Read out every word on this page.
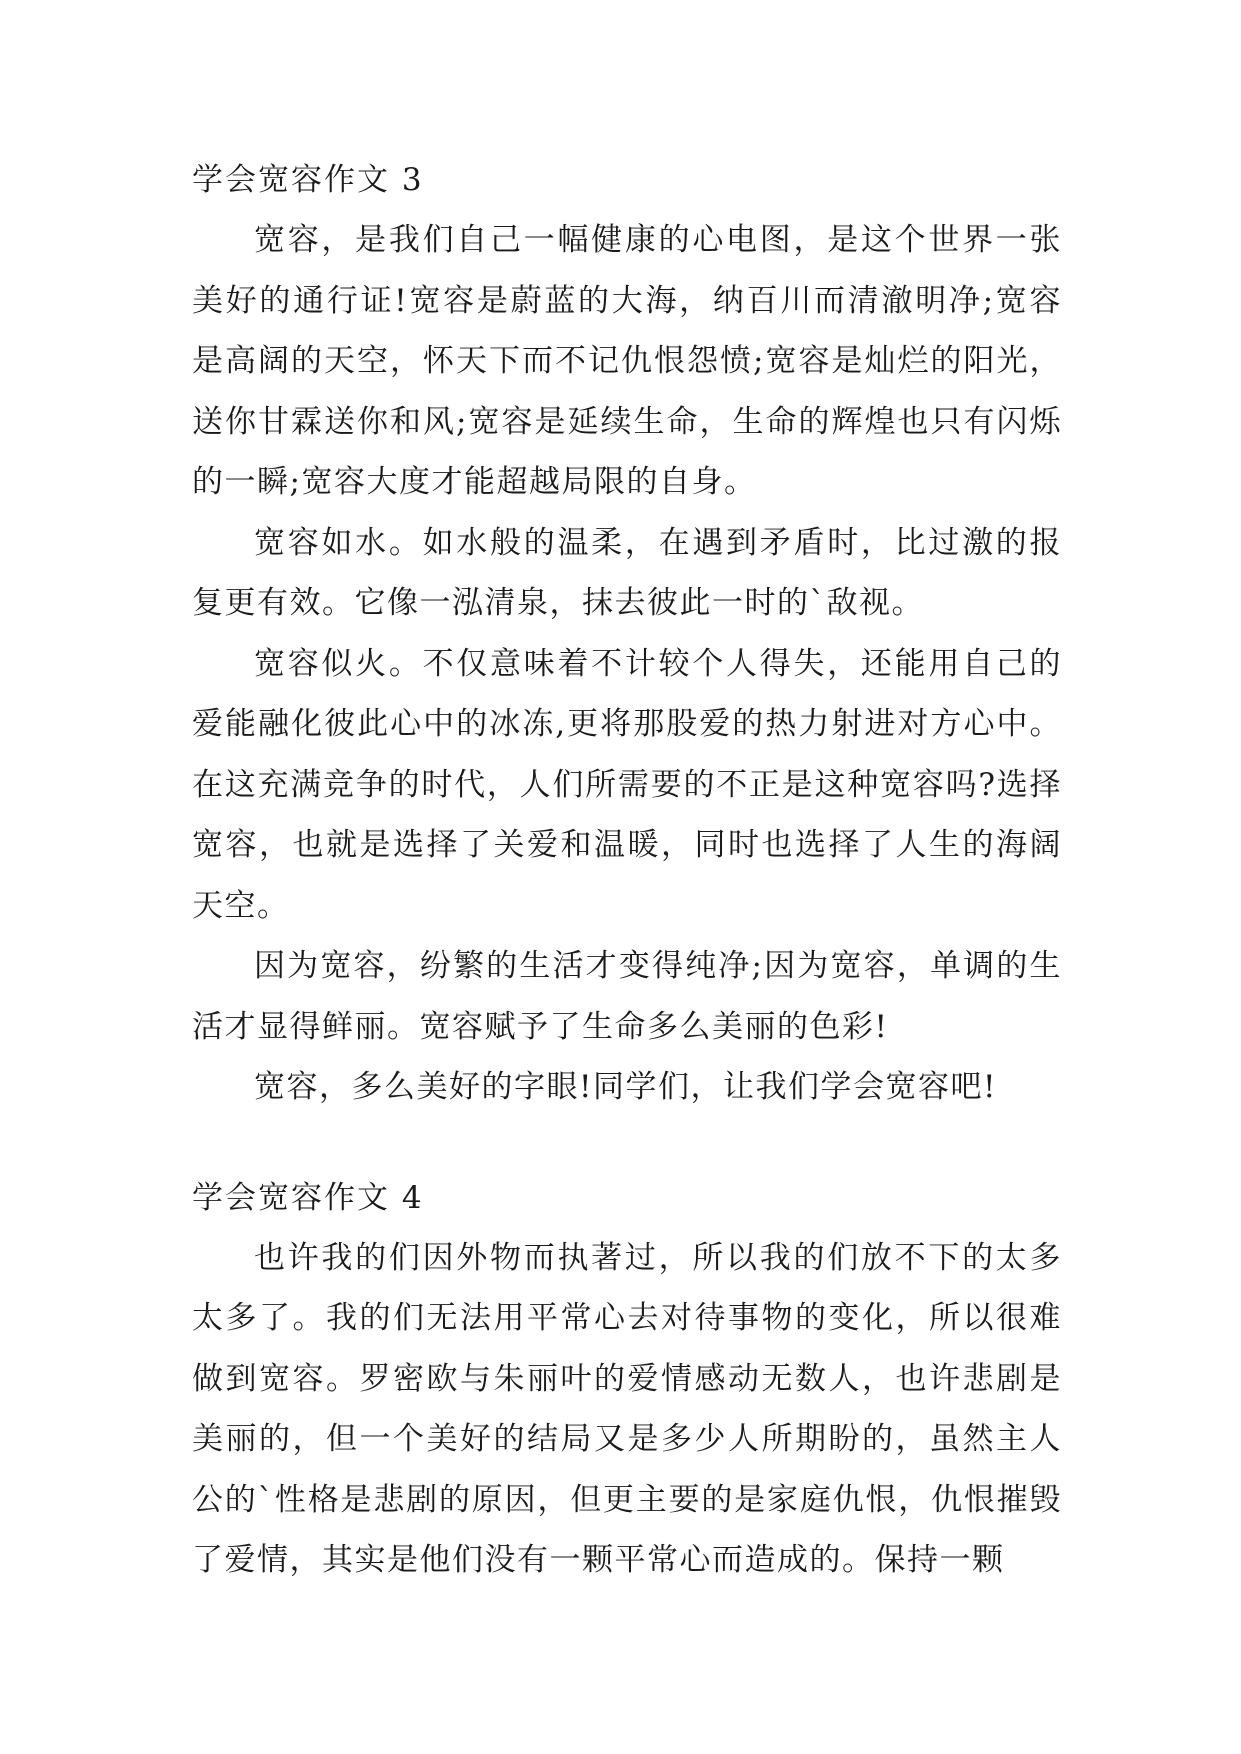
学会宽容作文 3

宽容，是我们自己一幅健康的心电图，是这个世界一张美好的通行证!宽容是蔚蓝的大海，纳百川而清澈明净;宽容是高阔的天空，怀天下而不记仇恨怨愤;宽容是灿烂的阳光，送你甘霖送你和风;宽容是延续生命，生命的辉煌也只有闪烁的一瞬;宽容大度才能超越局限的自身。

宽容如水。如水般的温柔，在遇到矛盾时，比过激的报复更有效。它像一泓清泉，抹去彼此一时的`敌视。

宽容似火。不仅意味着不计较个人得失，还能用自己的爱能融化彼此心中的冰冻,更将那股爱的热力射进对方心中。在这充满竞争的时代，人们所需要的不正是这种宽容吗?选择宽容，也就是选择了关爱和温暖，同时也选择了人生的海阔天空。

因为宽容，纷繁的生活才变得纯净;因为宽容，单调的生活才显得鲜丽。宽容赋予了生命多么美丽的色彩!

宽容，多么美好的字眼!同学们，让我们学会宽容吧!

学会宽容作文 4

也许我的们因外物而执著过，所以我的们放不下的太多太多了。我的们无法用平常心去对待事物的变化，所以很难做到宽容。罗密欧与朱丽叶的爱情感动无数人，也许悲剧是美丽的，但一个美好的结局又是多少人所期盼的，虽然主人公的`性格是悲剧的原因，但更主要的是家庭仇恨，仇恨摧毁了爱情，其实是他们没有一颗平常心而造成的。保持一颗
